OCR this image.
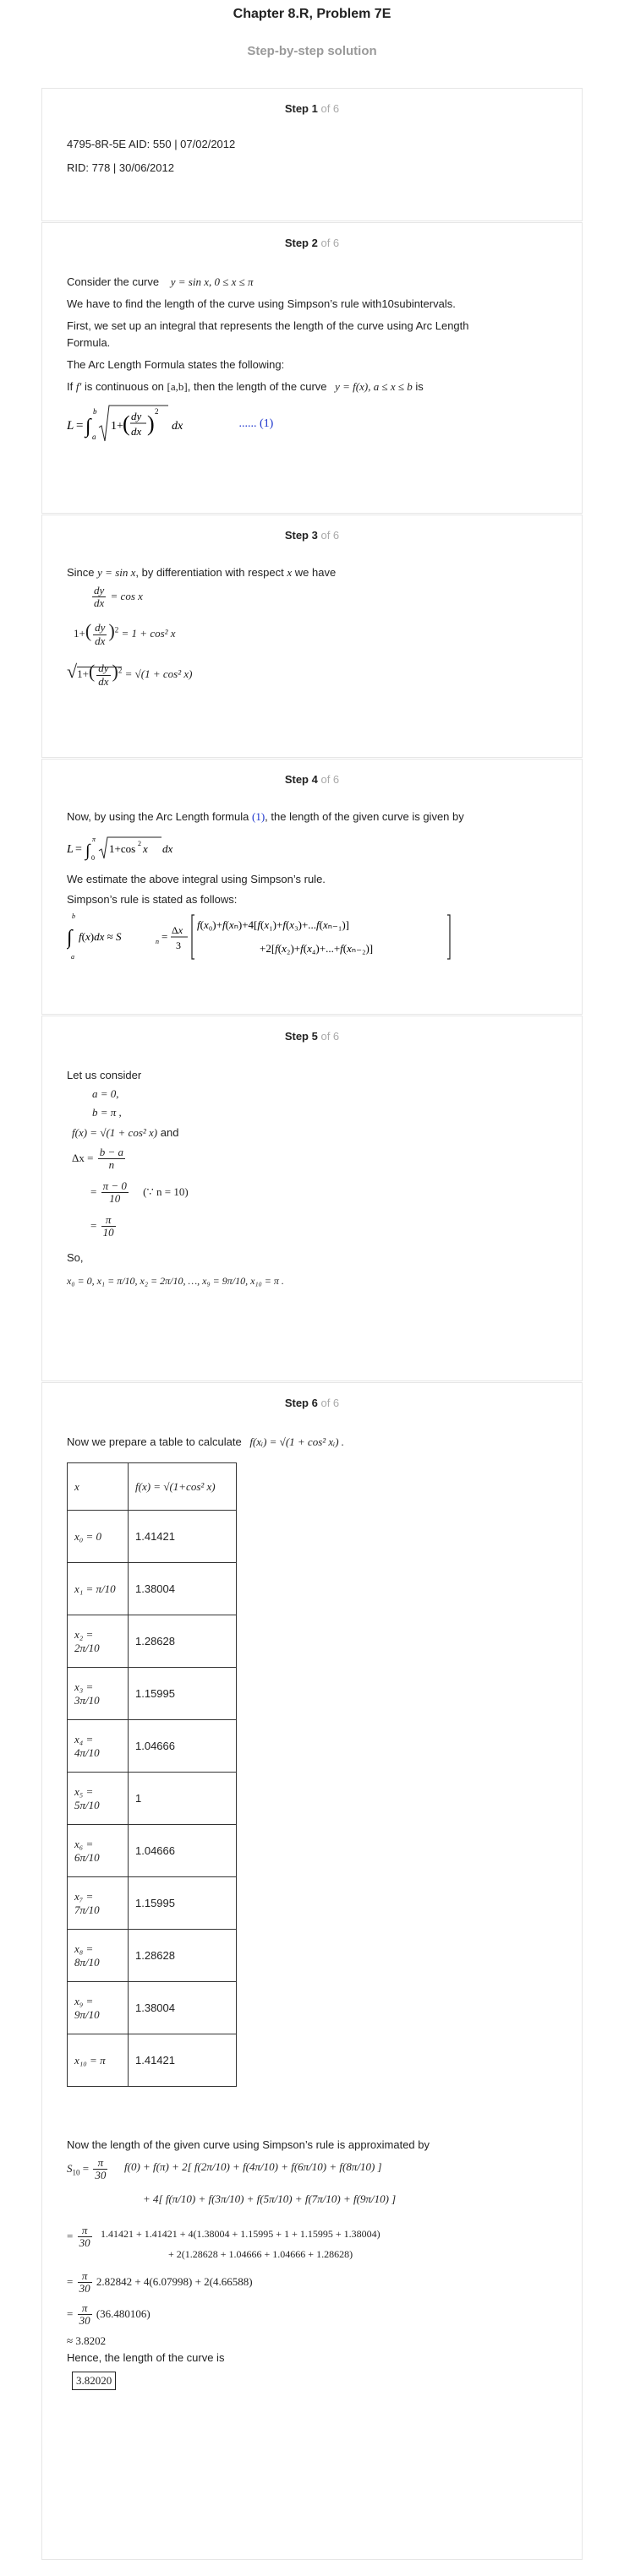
Chapter 8.R, Problem 7E
Step-by-step solution
Step 1 of 6
4795-8R-5E AID: 550 | 07/02/2012
RID: 778 | 30/06/2012
Step 2 of 6
Consider the curve y = sin x, 0 ≤ x ≤ π
We have to find the length of the curve using Simpson’s rule with10subintervals.
First, we set up an integral that represents the length of the curve using Arc Length
Formula.
The Arc Length Formula states the following:
If f′ is continuous on [a,b], then the length of the curve y = f(x), a ≤ x ≤ b is
L = ∫
b
a
1+ ( dy
dx ) 2
dx	...... (1)
Step 3 of 6
Since y = sin x, by differentiation with respect x we have
$\frac{dy}{dx} = \cos x$
$1+( \frac{dy}{dx} )^2 = 1 + \cos^2$ x
$√1+( \frac{dy}{dx} )^2 = √(1 + \cos^2$ x)
Step 4 of 6
Now, by using the Arc Length formula (1), the length of the given curve is given by
L = ∫
π
0
1+cos 2 x dx
We estimate the above integral using Simpson’s rule.
Simpson’s rule is stated as follows:
∫
b
a
f(x)dx ≈ S	n = Δx
3
f(x₀)+f(xₙ)+4[f(x₁)+f(x₃)+...f(xₙ₋₁)]
+2[f(x₂)+f(x₄)+...+f(xₙ₋₂)]
Step 5 of 6
Let us consider
a = 0,
b = π ,
f(x) = √(1 + cos² x) and
$\Delta x = \frac{b - a}{n}$
= $\frac{\pi - 0}{10}$ (∵ n = 10)
= $\frac{\pi}{10}$
So,
x₀ = 0, x₁ = π/10, x₂ = 2π/10, …, x₉ = 9π/10, x₁₀ = π .
Step 6 of 6
Now we prepare a table to calculate f(xᵢ) = √(1 + cos² xᵢ) .
x	f(x) = √(1+cos² x)
x₀ = 0	1.41421
x₁ = π/10	1.38004
x₂ = 2π/10	1.28628
x₃ = 3π/10	1.15995
x₄ = 4π/10	1.04666
x₅ = 5π/10	1
x₆ = 6π/10	1.04666
x₇ = 7π/10	1.15995
x₈ = 8π/10	1.28628
x₉ = 9π/10	1.38004
x₁₀ = π	1.41421
Now the length of the given curve using Simpson’s rule is approximated by
$S_{10} = \frac{\pi}{30} f(0) + f(\pi) + 2$[ f(2π/10) + f(4π/10) + f(6π/10) + f(8π/10) ]
+ 4[ f(π/10) + f(3π/10) + f(5π/10) + f(7π/10) + f(9π/10) ]
= $\frac{\pi}{30} 1.41421 + 1.41421 + 4(1.38004 + 1.15995 + 1 + 1.15995 + 1.38004)$
+ 2(1.28628 + 1.04666 + 1.04666 + 1.28628)
= $\frac{\pi}{30} 2.82842 + 4(6.07998) + 2(4.66588)$
= $\frac{\pi}{30} (36.480106)$
≈ 3.8202
Hence, the length of the curve is
3.82020
